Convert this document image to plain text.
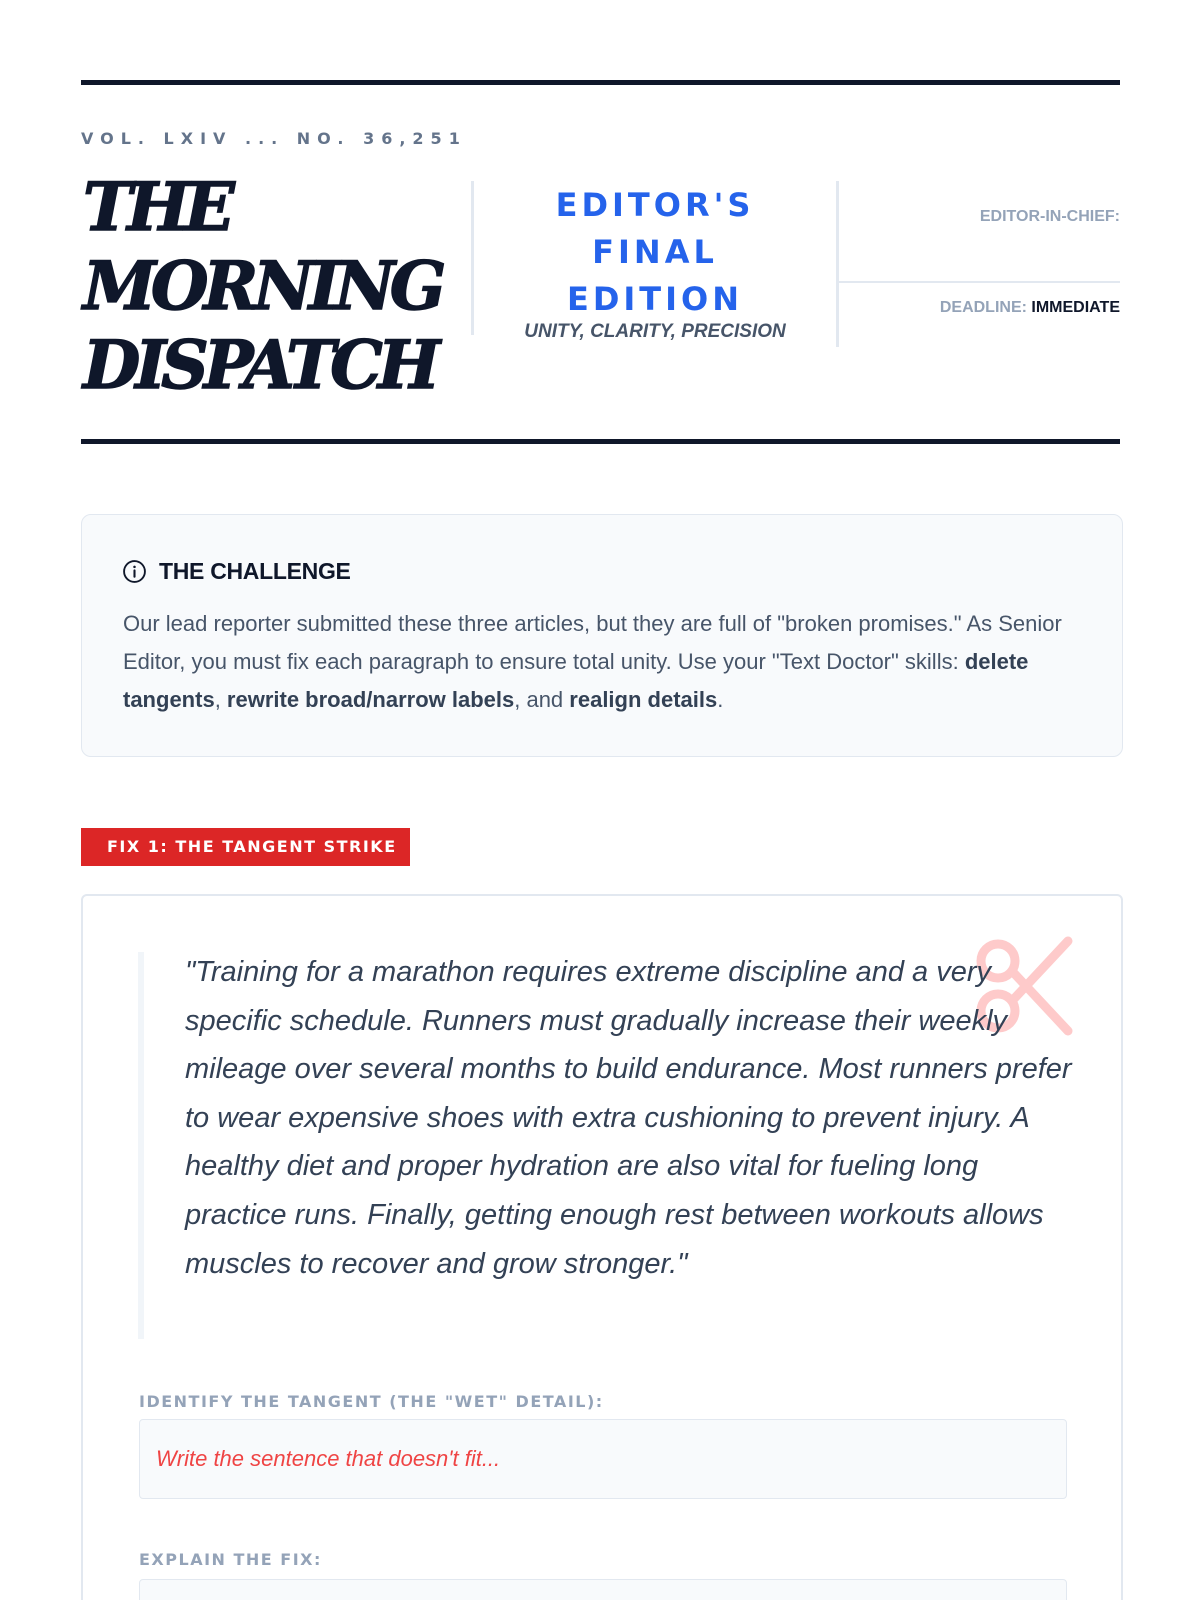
VOL. LXIV ... NO. 36,251
THE
MORNING
DISPATCH
EDITOR'S
FINAL
EDITION
UNITY, CLARITY, PRECISION
EDITOR-IN-CHIEF:
DEADLINE: IMMEDIATE
THE CHALLENGE

Our lead reporter submitted these three articles, but they are full of "broken promises." As Senior Editor, you must fix each paragraph to ensure total unity. Use your "Text Doctor" skills: delete tangents, rewrite broad/narrow labels, and realign details.

FIX 1: THE TANGENT STRIKE
"Training for a marathon requires extreme discipline and a very specific schedule. Runners must gradually increase their weekly mileage over several months to build endurance. Most runners prefer to wear expensive shoes with extra cushioning to prevent injury. A healthy diet and proper hydration are also vital for fueling long practice runs. Finally, getting enough rest between workouts allows muscles to recover and grow stronger."
IDENTIFY THE TANGENT (THE "WET" DETAIL):
Write the sentence that doesn't fit...
EXPLAIN THE FIX:
